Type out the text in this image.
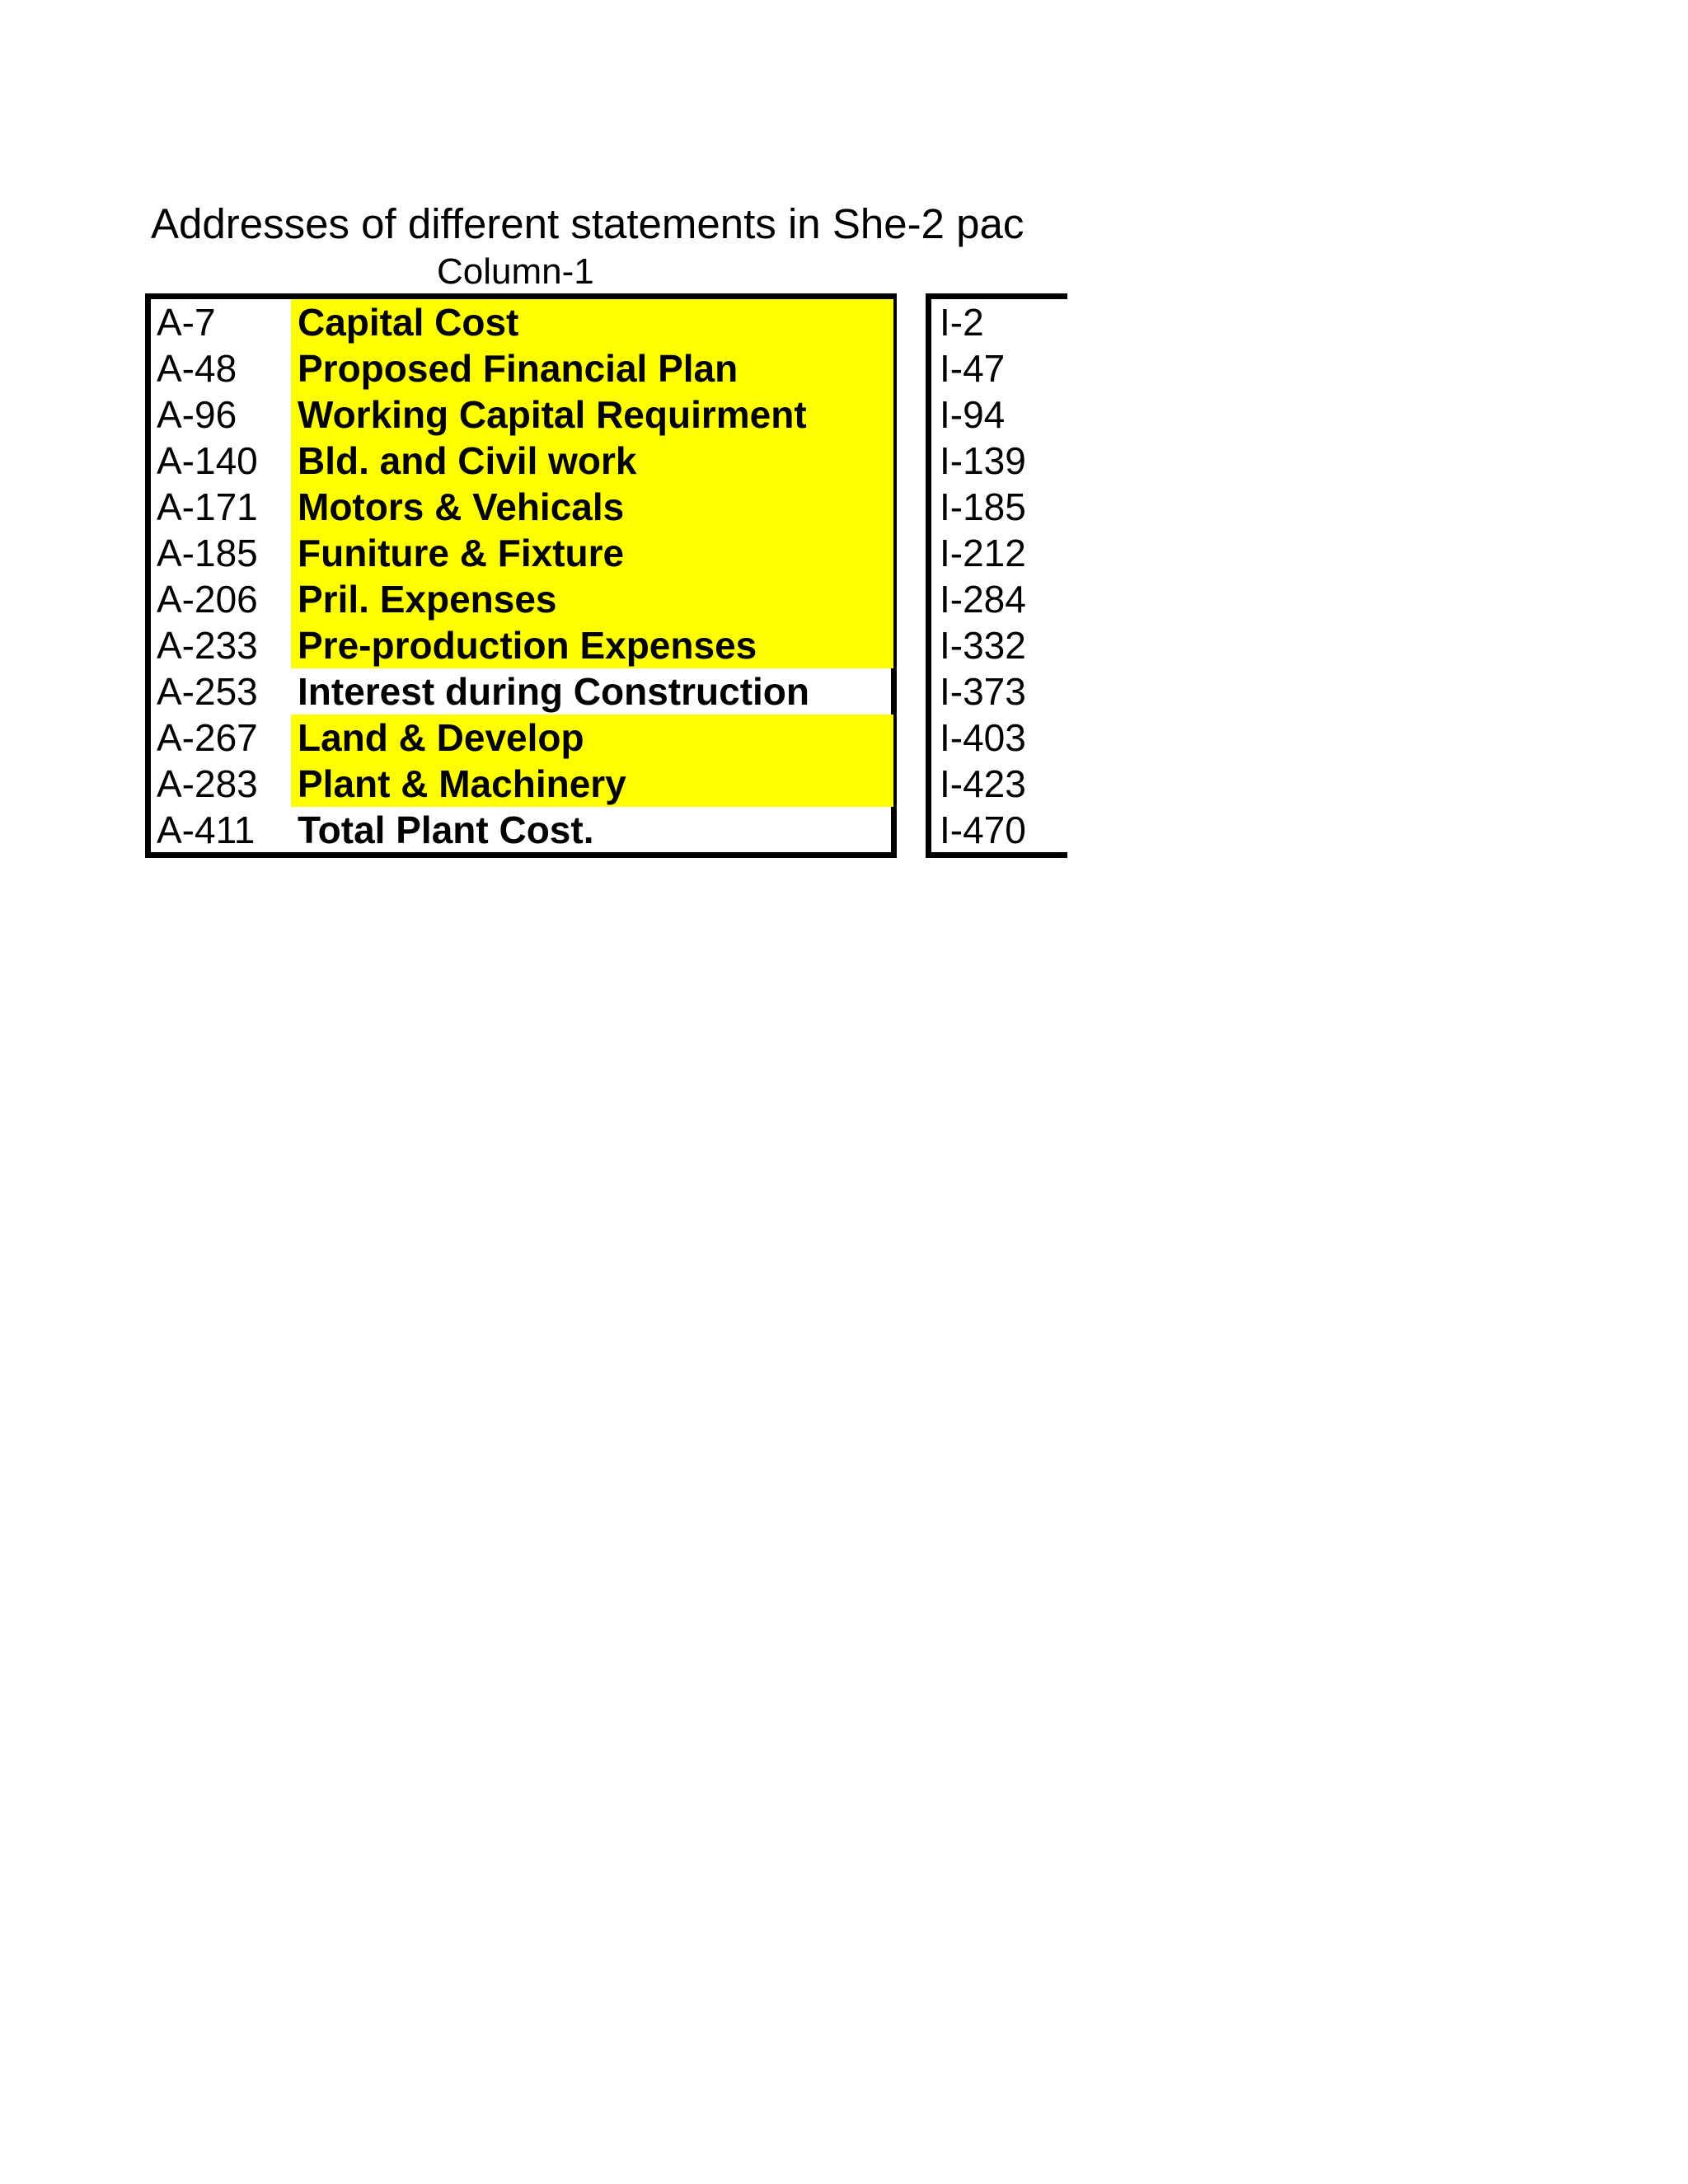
Addresses of different statements in She-2 pac
Column-1
A-7 Capital Cost
A-48 Proposed Financial Plan
A-96 Working Capital Requirment
A-140 Bld. and Civil work
A-171 Motors & Vehicals
A-185 Funiture & Fixture
A-206 Pril. Expenses
A-233 Pre-production Expenses
A-253 Interest during Construction
A-267 Land & Develop
A-283 Plant & Machinery
A-411 Total Plant Cost.
I-2
I-47
I-94
I-139
I-185
I-212
I-284
I-332
I-373
I-403
I-423
I-470
